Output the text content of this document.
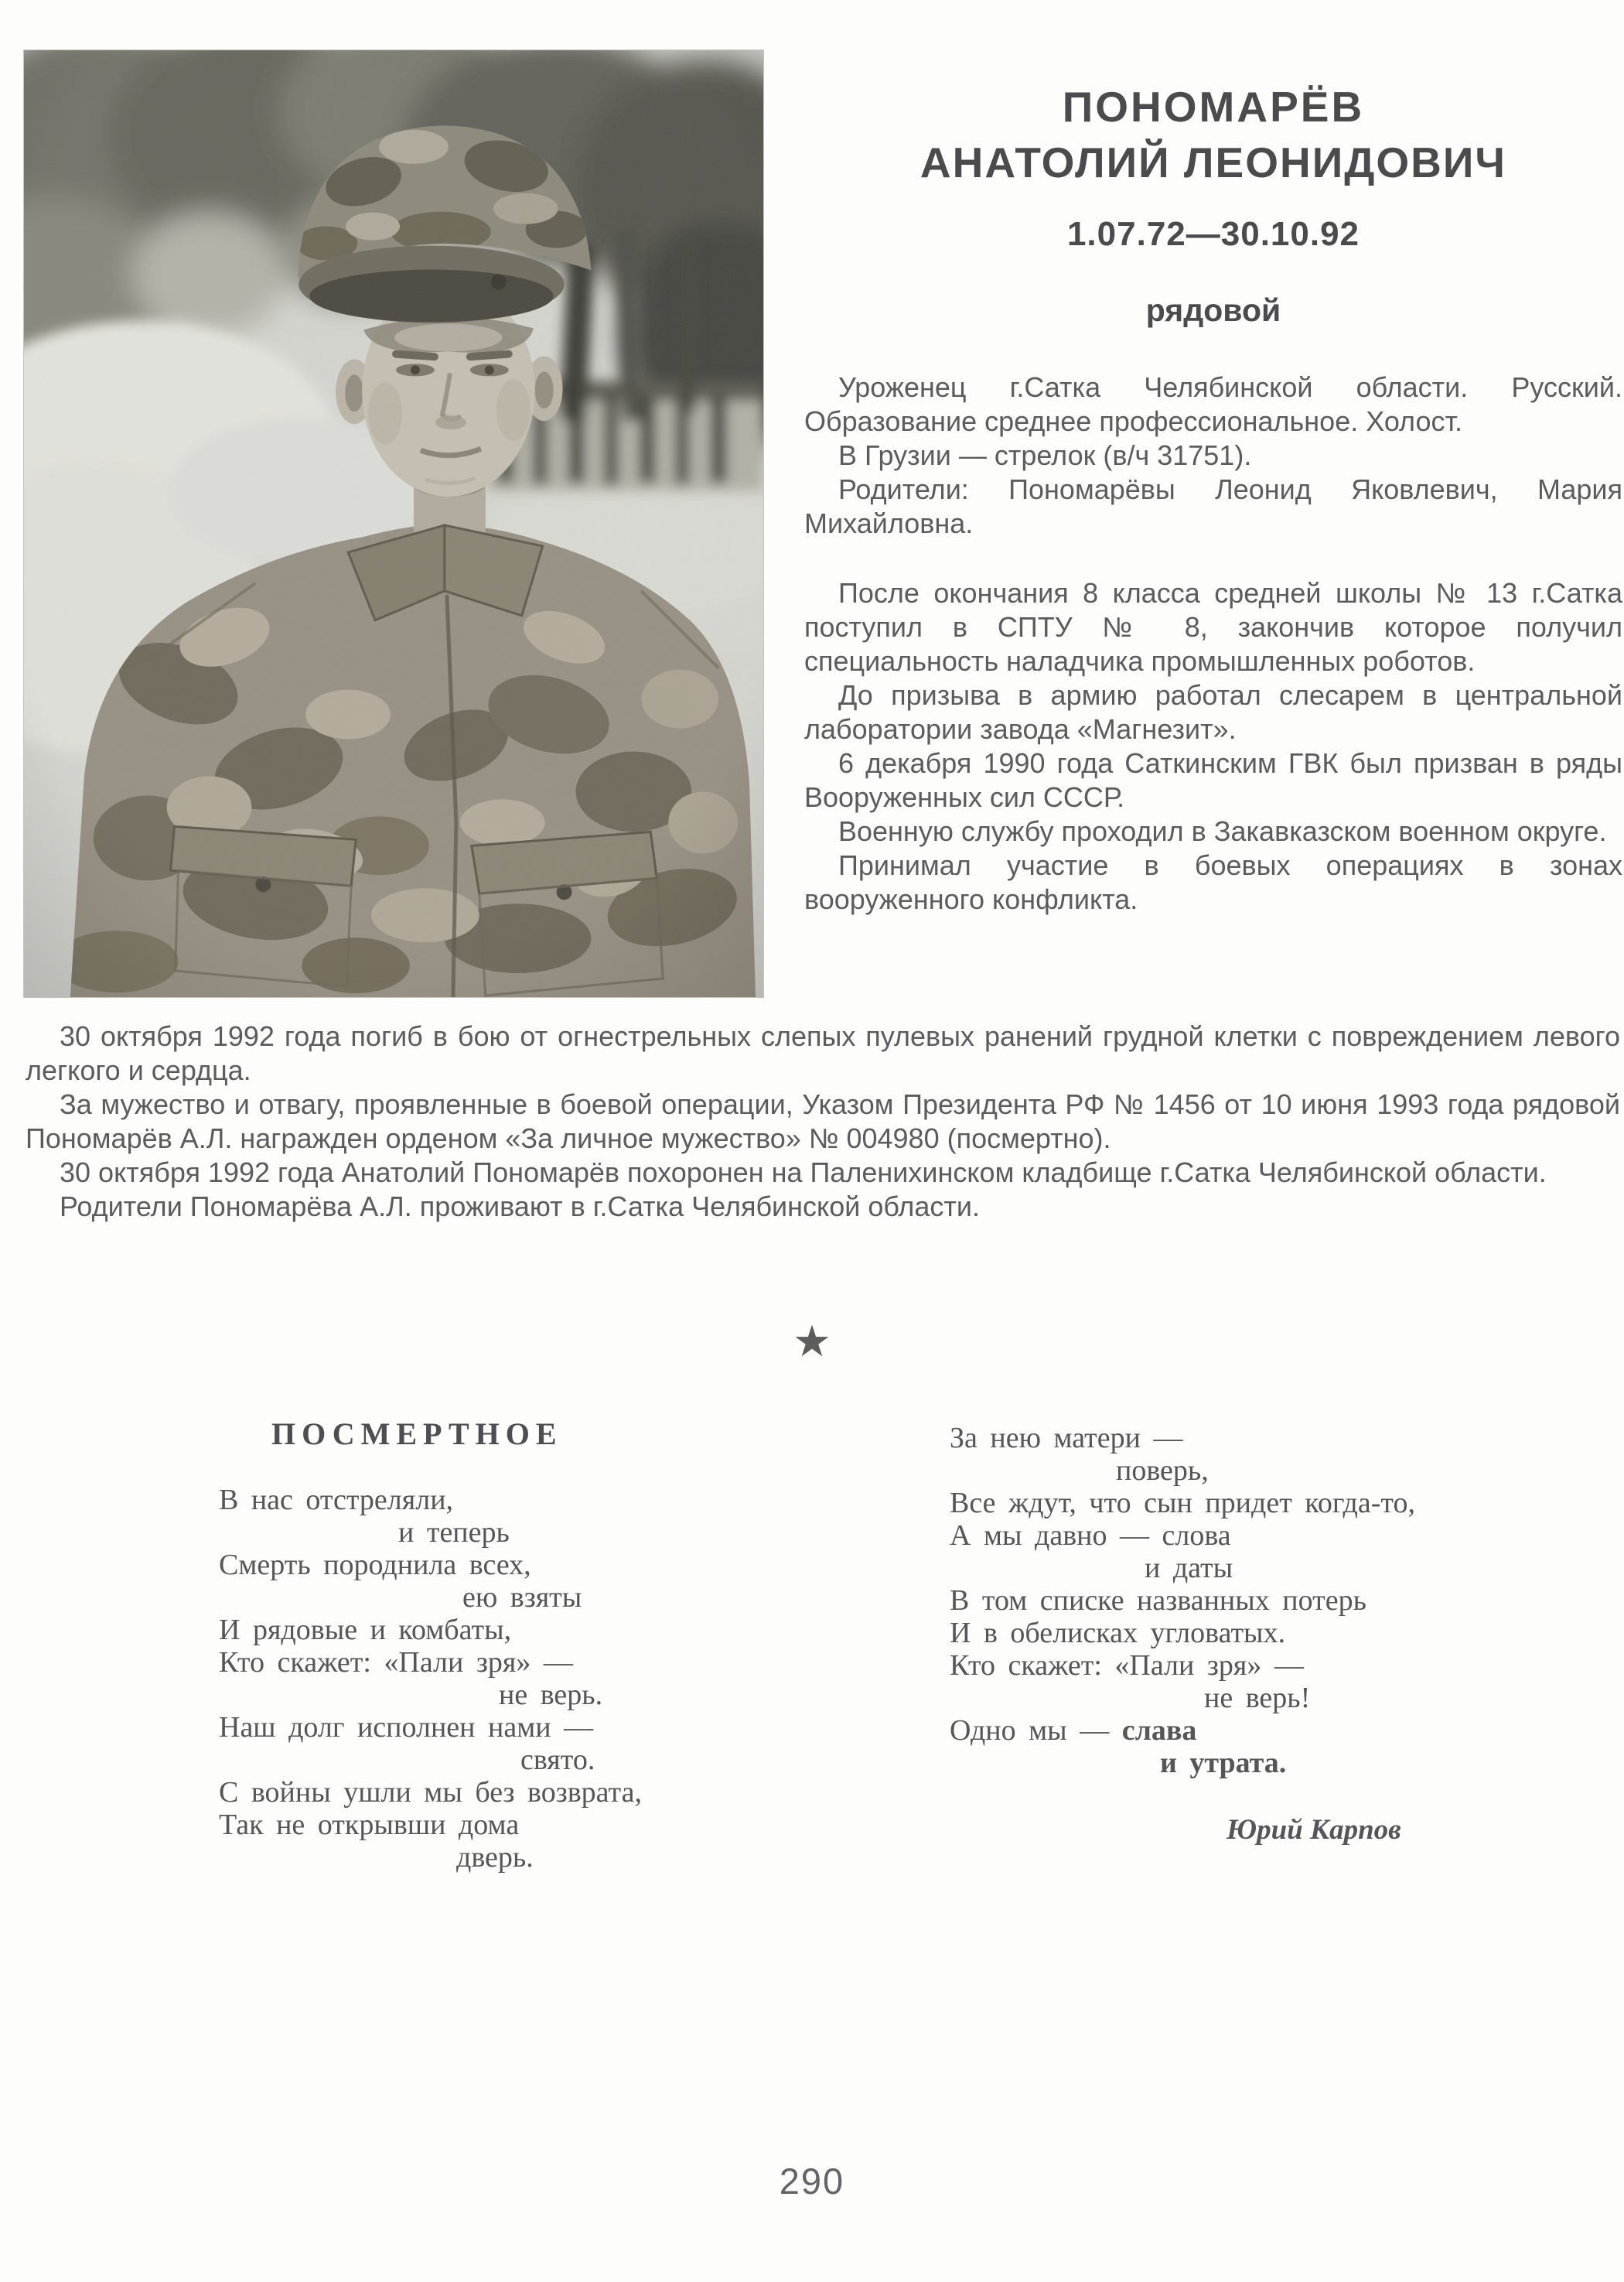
ПОНОМАРЁВ
АНАТОЛИЙ ЛЕОНИДОВИЧ
1.07.72—30.10.92
рядовой

Уроженец г.Сатка Челябинской области. Русский. Образование среднее профессиональное. Холост.

В Грузии — стрелок (в/ч 31751).

Родители: Пономарёвы Леонид Яковлевич, Мария Михайловна.

После окончания 8 класса средней школы № 13 г.Сатка поступил в СПТУ № 8, закончив которое получил специальность наладчика промышленных роботов.

До призыва в армию работал слесарем в центральной лаборатории завода «Магнезит».

6 декабря 1990 года Саткинским ГВК был призван в ряды Вооруженных сил СССР.

Военную службу проходил в Закавказском военном округе.

Принимал участие в боевых операциях в зонах вооруженного конфликта.

30 октября 1992 года погиб в бою от огнестрельных слепых пулевых ранений грудной клетки с повреждением левого легкого и сердца.

За мужество и отвагу, проявленные в боевой операции, Указом Президента РФ № 1456 от 10 июня 1993 года рядовой Пономарёв А.Л. награжден орденом «За личное мужество» № 004980 (посмертно).

30 октября 1992 года Анатолий Пономарёв похоронен на Паленихинском кладбище г.Сатка Челябинской области.

Родители Пономарёва А.Л. проживают в г.Сатка Челябинской области.

★
ПОСМЕРТНОЕ
В нас отстреляли,
и теперь
Смерть породнила всех,
ею взяты
И рядовые и комбаты,
Кто скажет: «Пали зря» —
не верь.
Наш долг исполнен нами —
свято.
С войны ушли мы без возврата,
Так не открывши дома
дверь.
За нею матери —
поверь,
Все ждут, что сын придет когда-то,
А мы давно — слова
и даты
В том списке названных потерь
И в обелисках угловатых.
Кто скажет: «Пали зря» —
не верь!
Одно мы — слава
и утрата.
Юрий Карпов
290
